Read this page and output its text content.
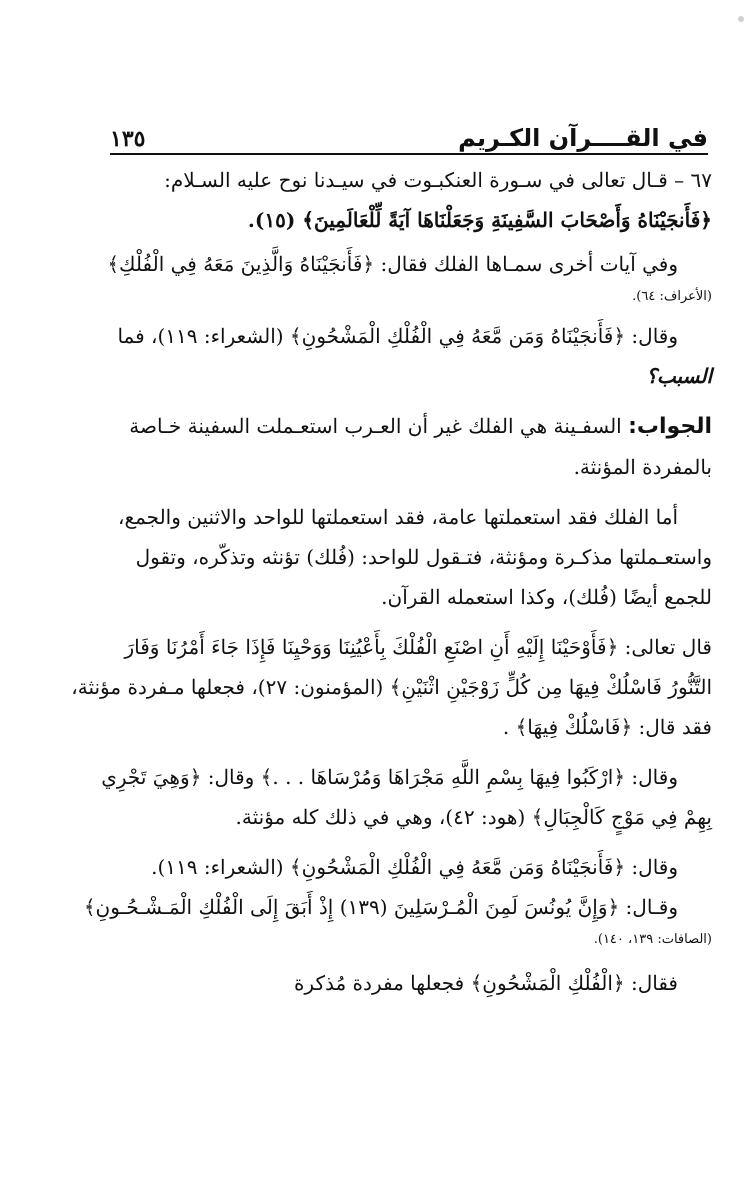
في القــــرآن الكـريم
١٣٥

٦٧ – قـال تعالى في سـورة العنكبـوت في سيـدنا نوح عليه السـلام:
﴿فَأَنجَيْنَاهُ وَأَصْحَابَ السَّفِينَةِ وَجَعَلْنَاهَا آيَةً لِّلْعَالَمِينَ﴾ (١٥).

وفي آيات أخرى سمـاها الفلك فقال: ﴿فَأَنجَيْنَاهُ وَالَّذِينَ مَعَهُ فِي الْفُلْكِ﴾
(الأعراف: ٦٤).

وقال: ﴿فَأَنجَيْنَاهُ وَمَن مَّعَهُ فِي الْفُلْكِ الْمَشْحُونِ﴾ (الشعراء: ١١٩)، فما
السبب؟

الجواب: السفـينة هي الفلك غير أن العـرب استعـملت السفينة خـاصة
بالمفردة المؤنثة.

أما الفلك فقد استعملتها عامة، فقد استعملتها للواحد والاثنين والجمع،
واستعـملتها مذكـرة ومؤنثة، فتـقول للواحد: (فُلك) تؤنثه وتذكّره، وتقول
للجمع أيضًا (فُلك)، وكذا استعمله القرآن.

قال تعالى: ﴿فَأَوْحَيْنَا إِلَيْهِ أَنِ اصْنَعِ الْفُلْكَ بِأَعْيُنِنَا وَوَحْيِنَا فَإِذَا جَاءَ أَمْرُنَا وَفَارَ
التَّنُّورُ فَاسْلُكْ فِيهَا مِن كُلٍّ زَوْجَيْنِ اثْنَيْنِ﴾ (المؤمنون: ٢٧)، فجعلها مـفردة مؤنثة،
فقد قال: ﴿فَاسْلُكْ فِيهَا﴾ .

وقال: ﴿ارْكَبُوا فِيهَا بِسْمِ اللَّهِ مَجْرَاهَا وَمُرْسَاهَا . . .﴾ وقال: ﴿وَهِيَ تَجْرِي
بِهِمْ فِي مَوْجٍ كَالْجِبَالِ﴾ (هود: ٤٢)، وهي في ذلك كله مؤنثة.

وقال: ﴿فَأَنجَيْنَاهُ وَمَن مَّعَهُ فِي الْفُلْكِ الْمَشْحُونِ﴾ (الشعراء: ١١٩).

وقـال: ﴿وَإِنَّ يُونُسَ لَمِنَ الْمُـرْسَلِينَ (١٣٩) إِذْ أَبَقَ إِلَى الْفُلْكِ الْمَـشْـحُـونِ﴾
(الصافات: ١٣٩، ١٤٠).

فقال: ﴿الْفُلْكِ الْمَشْحُونِ﴾ فجعلها مفردة مُذكرة
